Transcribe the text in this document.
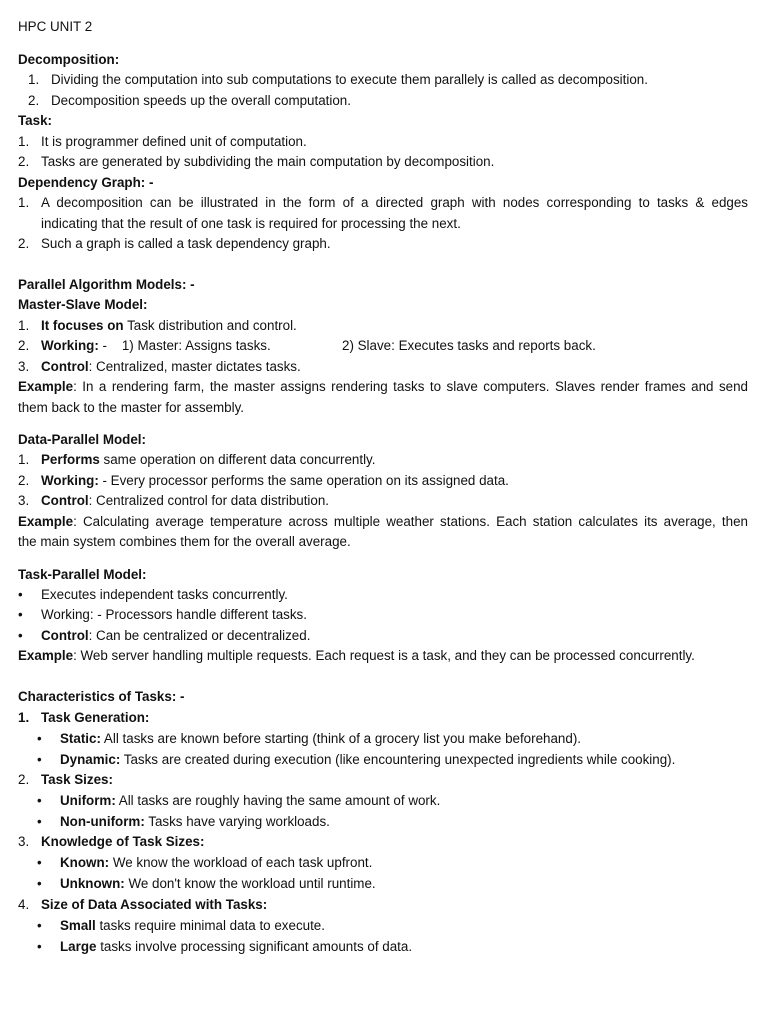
HPC UNIT 2
Decomposition:
1. Dividing the computation into sub computations to execute them parallely is called as decomposition.
2. Decomposition speeds up the overall computation.
Task:
1. It is programmer defined unit of computation.
2. Tasks are generated by subdividing the main computation by decomposition.
Dependency Graph: -
1. A decomposition can be illustrated in the form of a directed graph with nodes corresponding to tasks & edges
indicating that the result of one task is required for processing the next.
2. Such a graph is called a task dependency graph.
Parallel Algorithm Models: -
Master-Slave Model:
1. It focuses on Task distribution and control.
2. Working: -    1) Master: Assigns tasks.	2) Slave: Executes tasks and reports back.
3. Control: Centralized, master dictates tasks.
Example: In a rendering farm, the master assigns rendering tasks to slave computers. Slaves render frames and send
them back to the master for assembly.
Data-Parallel Model:
1. Performs same operation on different data concurrently.
2. Working: - Every processor performs the same operation on its assigned data.
3. Control: Centralized control for data distribution.
Example: Calculating average temperature across multiple weather stations. Each station calculates its average, then
the main system combines them for the overall average.
Task-Parallel Model:
• Executes independent tasks concurrently.
• Working: - Processors handle different tasks.
• Control: Can be centralized or decentralized.
Example: Web server handling multiple requests. Each request is a task, and they can be processed concurrently.
Characteristics of Tasks: -
1. Task Generation:
• Static: All tasks are known before starting (think of a grocery list you make beforehand).
• Dynamic: Tasks are created during execution (like encountering unexpected ingredients while cooking).
2. Task Sizes:
• Uniform: All tasks are roughly having the same amount of work.
• Non-uniform: Tasks have varying workloads.
3. Knowledge of Task Sizes:
• Known: We know the workload of each task upfront.
• Unknown: We don't know the workload until runtime.
4. Size of Data Associated with Tasks:
• Small tasks require minimal data to execute.
• Large tasks involve processing significant amounts of data.
